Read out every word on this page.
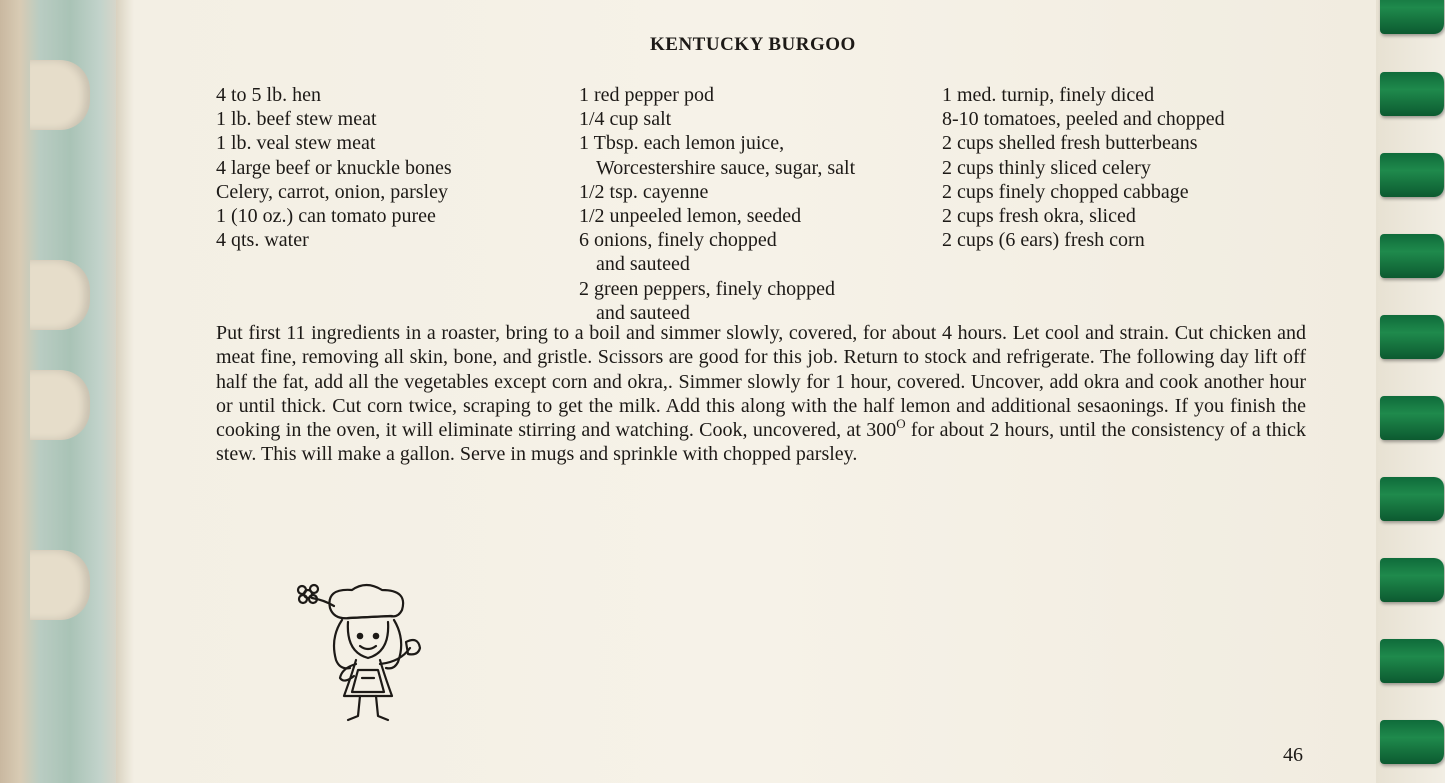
KENTUCKY BURGOO
4 to 5 lb. hen
1 lb. beef stew meat
1 lb. veal stew meat
4 large beef or knuckle bones
Celery, carrot, onion, parsley
1 (10 oz.) can tomato puree
4 qts. water
1 red pepper pod
1/4 cup salt
1 Tbsp. each lemon juice,
Worcestershire sauce, sugar, salt
1/2 tsp. cayenne
1/2 unpeeled lemon, seeded
6 onions, finely chopped
and sauteed
2 green peppers, finely chopped
and sauteed
1 med. turnip, finely diced
8-10 tomatoes, peeled and chopped
2 cups shelled fresh butterbeans
2 cups thinly sliced celery
2 cups finely chopped cabbage
2 cups fresh okra, sliced
2 cups (6 ears) fresh corn
Put first 11 ingredients in a roaster, bring to a boil and simmer slowly, covered, for about 4 hours. Let cool and strain. Cut chicken and meat fine, removing all skin, bone, and gristle. Scissors are good for this job. Return to stock and refrigerate. The following day lift off half the fat, add all the vegetables except corn and okra,. Simmer slowly for 1 hour, covered. Uncover, add okra and cook another hour or until thick. Cut corn twice, scraping to get the milk. Add this along with the half lemon and additional sesaonings. If you finish the cooking in the oven, it will eliminate stirring and watching. Cook, uncovered, at $300^O$ for about 2 hours, until the consistency of a thick stew. This will make a gallon. Serve in mugs and sprinkle with chopped parsley.
46
